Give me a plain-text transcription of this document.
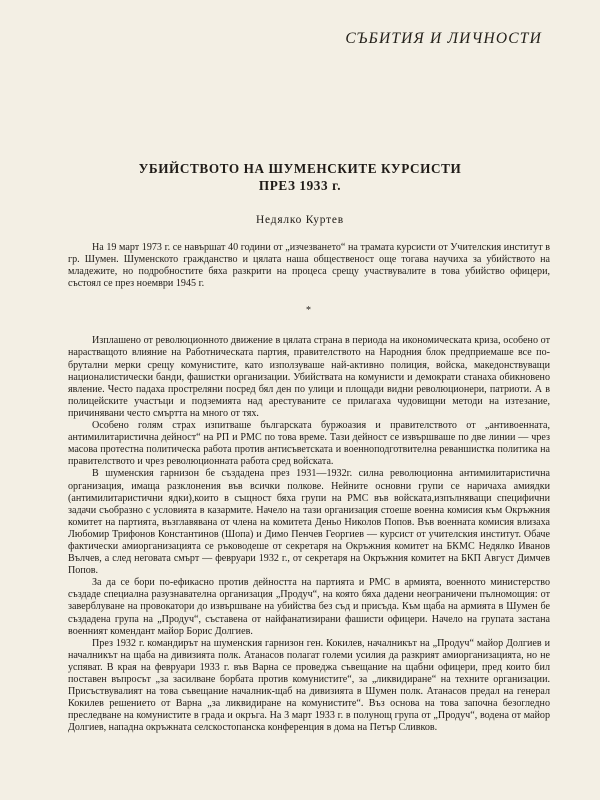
СЪБИТИЯ И ЛИЧНОСТИ

УБИЙСТВОТО НА ШУМЕНСКИТЕ КУРСИСТИ

ПРЕЗ 1933 г.

Недялко Куртев

На 19 март 1973 г. се навършат 40 години от „изчезването“ на трамата курсисти от Учителския институт в гр. Шумен. Шуменското гражданство и цялата наша общественост още тогава научиха за убийството на младежите, но подробностите бяха разкрити на процеса срещу участвувалите в това убийство офицери, състоял се през ноември 1945 г.

*

Изплашено от революционното движение в цялата страна в периода на икономическата криза, особено от нарастващото влияние на Работническата партия, правителството на Народния блок предприемаше все по-брутални мерки срещу комунистите, като използуваше най-активно полиция, войска, македонствуващи националистически банди, фашистки организации. Убийствата на комунисти и демократи станаха обикновено явление. Често падаха простреляни посред бял ден по улици и площади видни революционери, патриоти. А в полицейските участъци и подземията над арестуваните се прилагаха чудовищни методи на изтезание, причинявани често смъртта на много от тях.

Особено голям страх изпитваше българската буржоазия и правителството от „антивоенната, антимилитаристична дейност“ на РП и РМС по това време. Тази дейност се извършваше по две линии — чрез масова протестна политическа работа против антисъветската и военноподготвителна реваншистка политика на правителството и чрез революционната работа сред войската.

В шуменския гарнизон бе създадена през 1931—1932г. силна революционна антимилитаристична организация, имаща разклонения във всички полкове. Нейните основни групи се наричаха амиядки (антимилитаристични ядки),които в същност бяха групи на РМС във войската,изпълняващи специфични задачи съобразно с условията в казармите. Начело на тази организация стоеше военна комисия към Окръжния комитет на партията, възглавявана от члена на комитета Деньо Николов Попов. Във военната комисия влизаха Любомир Трифонов Константинов (Шопа) и Димо Пенчев Георгиев — курсист от учителския институт. Обаче фактически амиорганизацията се ръководеше от секретаря на Окръжния комитет на БКМС Недялко Иванов Вълчев, а след неговата смърт — февруари 1932 г., от секретаря на Окръжния комитет на БКП Август Димчев Попов.

За да се бори по-ефикасно против дейността на партията и РМС в армията, военното министерство създаде специална разузнавателна организация „Продуч“, на която бяха дадени неограничени пълномощия: от заверблуване на провокатори до извършване на убийства без съд и присъда. Към щаба на армията в Шумен бе създадена група на „Продуч“, съставена от найфанатизирани фашисти офицери. Начело на групата застана военният комендант майор Борис Долгиев.

През 1932 г. командирът на шуменския гарнизон ген. Кокилев, началникът на „Продуч“ майор Долгиев и началникът на щаба на дивизията полк. Атанасов полагат големи усилия да разкрият амиорганизацията, но не успяват. В края на февруари 1933 г. във Варна се проведжа съвещание на щабни офицери, пред които бил поставен въпросът „за засилване борбата против комунистите“, за „ликвидиране“ на техните организации. Присъствувалият на това съвещание началник-щаб на дивизията в Шумен полк. Атанасов предал на генерал Кокилев решението от Варна „за ликвидиране на комунистите“. Въз основа на това започна безогледно преследване на комунистите в града и окръга. На 3 март 1933 г. в полунощ група от „Продуч“, водена от майор Долгиев, нападна окръжната селскостопанска конференция в дома на Петър Сливков.
